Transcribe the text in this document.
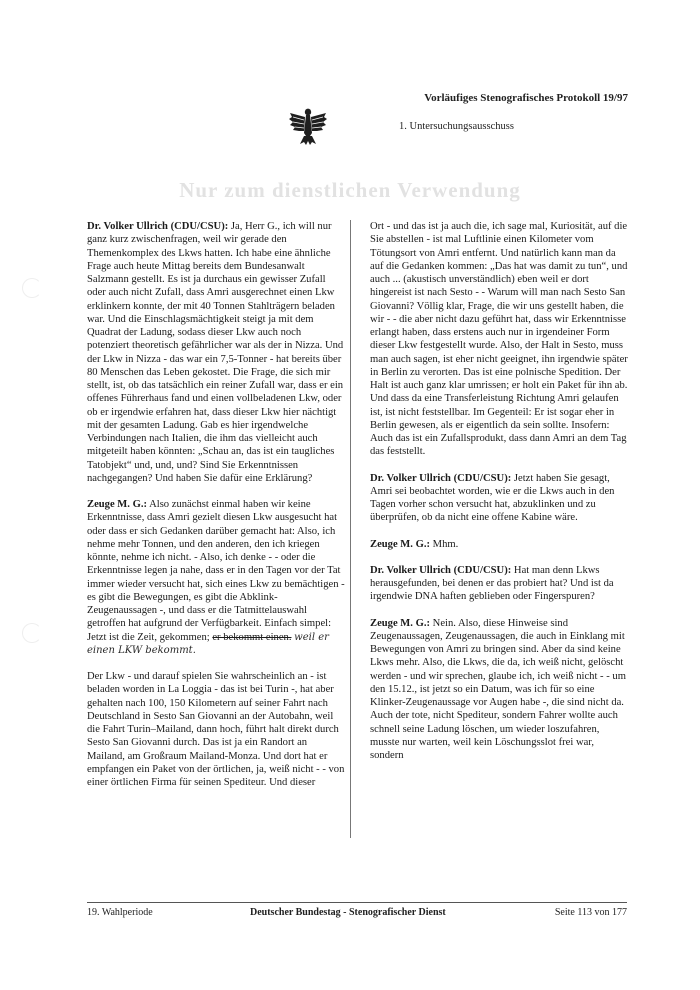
Vorläufiges Stenografisches Protokoll 19/97
1. Untersuchungsausschuss
Nur zum dienstlichen Verwendung

Dr. Volker Ullrich (CDU/CSU): Ja, Herr G., ich will nur ganz kurz zwischenfragen, weil wir gerade den Themenkomplex des Lkws hatten. Ich habe eine ähnliche Frage auch heute Mittag bereits dem Bundesanwalt Salzmann gestellt. Es ist ja durchaus ein gewisser Zufall oder auch nicht Zufall, dass Amri ausgerechnet einen Lkw erklinkern konnte, der mit 40 Tonnen Stahlträgern beladen war. Und die Einschlagsmächtigkeit steigt ja mit dem Quadrat der Ladung, sodass dieser Lkw auch noch potenziert theoretisch gefährlicher war als der in Nizza. Und der Lkw in Nizza - das war ein 7,5-Tonner - hat bereits über 80 Menschen das Leben gekostet. Die Frage, die sich mir stellt, ist, ob das tatsächlich ein reiner Zufall war, dass er ein offenes Führerhaus fand und einen vollbeladenen Lkw, oder ob er irgendwie erfahren hat, dass dieser Lkw hier nächtigt mit der gesamten Ladung. Gab es hier irgendwelche Verbindungen nach Italien, die ihm das vielleicht auch mitgeteilt haben könnten: „Schau an, das ist ein taugliches Tatobjekt“ und, und, und? Sind Sie Erkenntnissen nachgegangen? Und haben Sie dafür eine Erklärung?

Zeuge M. G.: Also zunächst einmal haben wir keine Erkenntnisse, dass Amri gezielt diesen Lkw ausgesucht hat oder dass er sich Gedanken darüber gemacht hat: Also, ich nehme mehr Tonnen, und den anderen, den ich kriegen könnte, nehme ich nicht. - Also, ich denke - - oder die Erkenntnisse legen ja nahe, dass er in den Tagen vor der Tat immer wieder versucht hat, sich eines Lkw zu bemächtigen - es gibt die Bewegungen, es gibt die Abklink-Zeugenaussagen -, und dass er die Tatmittelauswahl getroffen hat aufgrund der Verfügbarkeit. Einfach simpel: Jetzt ist die Zeit, gekommen; er bekommt einen. weil er einen LKW bekommt.

Der Lkw - und darauf spielen Sie wahrscheinlich an - ist beladen worden in La Loggia - das ist bei Turin -, hat aber gehalten nach 100, 150 Kilometern auf seiner Fahrt nach Deutschland in Sesto San Giovanni an der Autobahn, weil die Fahrt Turin–Mailand, dann hoch, führt halt direkt durch Sesto San Giovanni durch. Das ist ja ein Randort an Mailand, am Großraum Mailand-Monza. Und dort hat er empfangen ein Paket von der örtlichen, ja, weiß nicht - - von einer örtlichen Firma für seinen Spediteur. Und dieser

Ort - und das ist ja auch die, ich sage mal, Kuriosität, auf die Sie abstellen - ist mal Luftlinie einen Kilometer vom Tötungsort von Amri entfernt. Und natürlich kann man da auf die Gedanken kommen: „Das hat was damit zu tun“, und auch ... (akustisch unverständlich) eben weil er dort hingereist ist nach Sesto - - Warum will man nach Sesto San Giovanni? Völlig klar, Frage, die wir uns gestellt haben, die wir - - die aber nicht dazu geführt hat, dass wir Erkenntnisse erlangt haben, dass erstens auch nur in irgendeiner Form dieser Lkw festgestellt wurde. Also, der Halt in Sesto, muss man auch sagen, ist eher nicht geeignet, ihn irgendwie später in Berlin zu verorten. Das ist eine polnische Spedition. Der Halt ist auch ganz klar umrissen; er holt ein Paket für ihn ab. Und dass da eine Transferleistung Richtung Amri gelaufen ist, ist nicht feststellbar. Im Gegenteil: Er ist sogar eher in Berlin gewesen, als er eigentlich da sein sollte. Insofern: Auch das ist ein Zufallsprodukt, dass dann Amri an dem Tag das feststellt.

Dr. Volker Ullrich (CDU/CSU): Jetzt haben Sie gesagt, Amri sei beobachtet worden, wie er die Lkws auch in den Tagen vorher schon versucht hat, abzuklinken und zu überprüfen, ob da nicht eine offene Kabine wäre.

Zeuge M. G.: Mhm.

Dr. Volker Ullrich (CDU/CSU): Hat man denn Lkws herausgefunden, bei denen er das probiert hat? Und ist da irgendwie DNA haften geblieben oder Fingerspuren?

Zeuge M. G.: Nein. Also, diese Hinweise sind Zeugenaussagen, Zeugenaussagen, die auch in Einklang mit Bewegungen von Amri zu bringen sind. Aber da sind keine Lkws mehr. Also, die Lkws, die da, ich weiß nicht, gelöscht werden - und wir sprechen, glaube ich, ich weiß nicht - - um den 15.12., ist jetzt so ein Datum, was ich für so eine Klinker-Zeugenaussage vor Augen habe -, die sind nicht da. Auch der tote, nicht Spediteur, sondern Fahrer wollte auch schnell seine Ladung löschen, um wieder loszufahren, musste nur warten, weil kein Löschungsslot frei war, sondern

19. Wahlperiode	Deutscher Bundestag - Stenografischer Dienst	Seite 113 von 177
